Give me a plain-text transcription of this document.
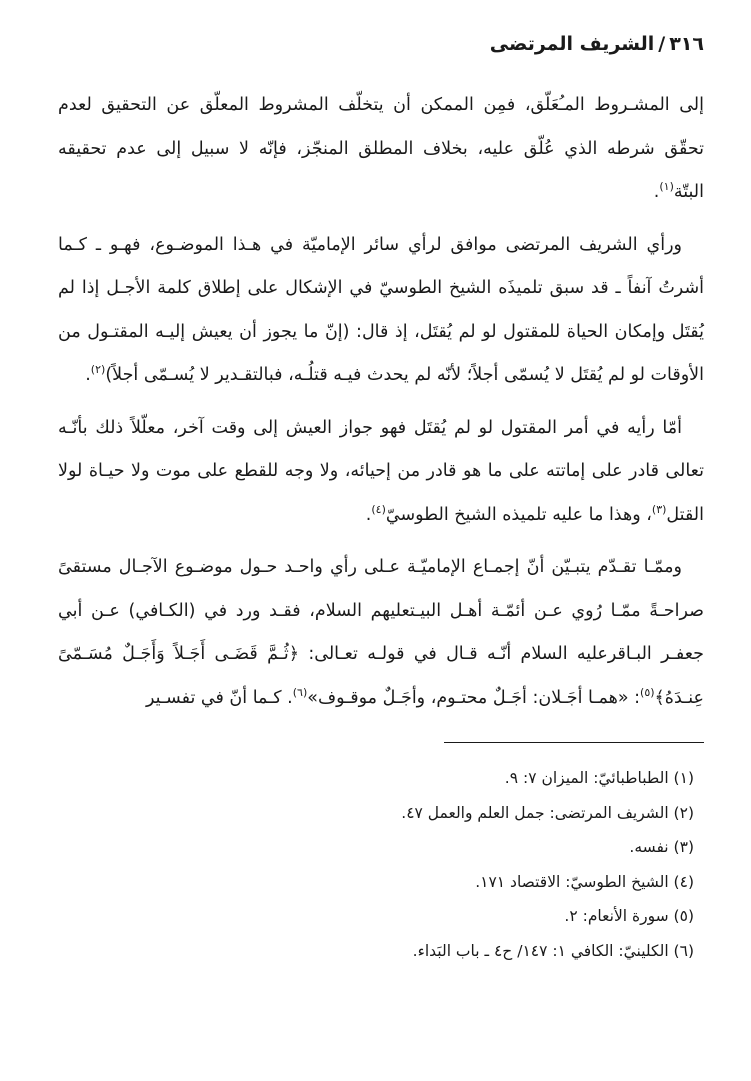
٣١٦/الشريف المرتضى

إلى المشـروط المـُعَلّق، فمِن الممكن أن يتخلّف المشروط المعلّق عن التحقيق لعدم تحقّق شرطه الذي عُلّق عليه، بخلاف المطلق المنجّز، فإنّه لا سبيل إلى عدم تحقيقه البتّة$^{(١)}$.

ورأي الشريف المرتضى موافق لرأي سائر الإماميّة في هـذا الموضـوع، فهـو ـ كـما أشرتُ آنفاً ـ قد سبق تلميذَه الشيخ الطوسيّ في الإشكال على إطلاق كلمة الأجـل إذا لم يُقتَل وإمكان الحياة للمقتول لو لم يُقتَل، إذ قال: (إنّ ما يجوز أن يعيش إليـه المقتـول من الأوقات لو لم يُقتَل لا يُسمّى أجلاً؛ لأنّه لم يحدث فيـه قتلُـه، فبالتقـدير لا يُسـمّى أجلاً)$^{(٢)}$.

أمّا رأيه في أمر المقتول لو لم يُقتَل فهو جواز العيش إلى وقت آخر، معلّلاً ذلك بأنّـه تعالى قادر على إماتته على ما هو قادر من إحيائه، ولا وجه للقطع على موت ولا حيـاة لولا القتل$^{(٣)}$، وهذا ما عليه تلميذه الشيخ الطوسيّ$^{(٤)}$.

وممّـا تقـدّم يتبـيّن أنّ إجمـاع الإماميّـة عـلى رأي واحـد حـول موضـوع الآجـال مستقىً صراحـةً ممّـا رُوي عـن أئمّـة أهـل البيـتعليهم السلام، فقـد ورد في (الكـافي) عـن أبي جعفـر البـاقرعليه السلام أنّـه قـال في قولـه تعـالى: ﴿ثُـمَّ قَضَـى أَجَـلاً وَأَجَـلٌ مُسَـمّىً عِنـدَهُ﴾$^{(٥)}$: «همـا أجَـلان: أجَـلٌ محتـوم، وأجَـلٌ موقـوف»$^{(٦)}$. كـما أنّ في تفسـير

(١) الطباطبائيّ: الميزان ٧: ٩.
(٢) الشريف المرتضى: جمل العلم والعمل ٤٧.
(٣) نفسه.
(٤) الشيخ الطوسيّ: الاقتصاد ١٧١.
(٥) سورة الأنعام: ٢.
(٦) الكلينيّ: الكافي ١: ١٤٧/ ح٤ ـ باب البَداء.
